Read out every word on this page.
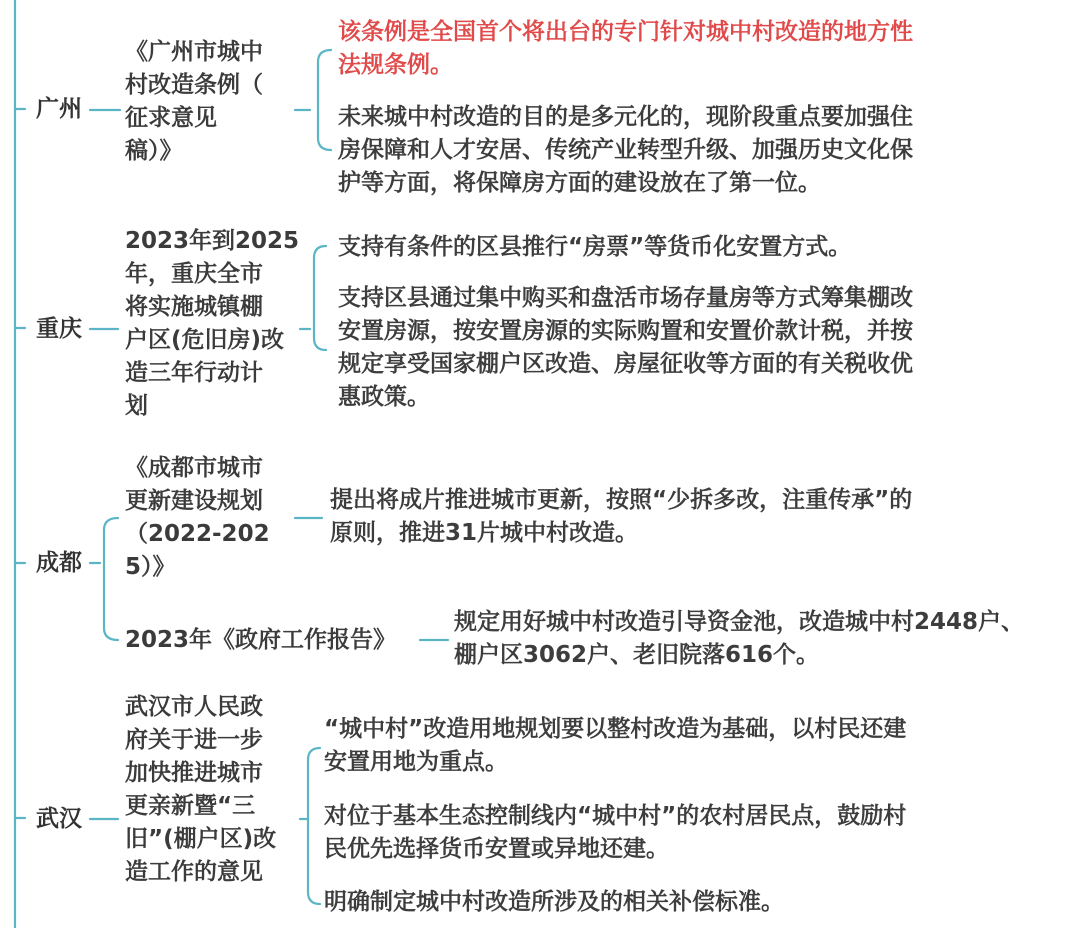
广州
《广州市城中
村改造条例（
征求意见
稿）》
该条例是全国首个将出台的专门针对城中村改造的地方性
法规条例。
未来城中村改造的目的是多元化的，现阶段重点要加强住
房保障和人才安居、传统产业转型升级、加强历史文化保
护等方面，将保障房方面的建设放在了第一位。
重庆
2023年到2025
年，重庆全市
将实施城镇棚
户区(危旧房)改
造三年行动计
划
支持有条件的区县推行“房票”等货币化安置方式。
支持区县通过集中购买和盘活市场存量房等方式筹集棚改
安置房源，按安置房源的实际购置和安置价款计税，并按
规定享受国家棚户区改造、房屋征收等方面的有关税收优
惠政策。
成都
《成都市城市
更新建设规划
（2022-202
5）》
提出将成片推进城市更新，按照“少拆多改，注重传承”的
原则，推进31片城中村改造。
2023年《政府工作报告》
规定用好城中村改造引导资金池，改造城中村2448户、
棚户区3062户、老旧院落616个。
武汉
武汉市人民政
府关于进一步
加快推进城市
更亲新暨“三
旧”(棚户区)改
造工作的意见
“城中村”改造用地规划要以整村改造为基础，以村民还建
安置用地为重点。
对位于基本生态控制线内“城中村”的农村居民点，鼓励村
民优先选择货币安置或异地还建。
明确制定城中村改造所涉及的相关补偿标准。
